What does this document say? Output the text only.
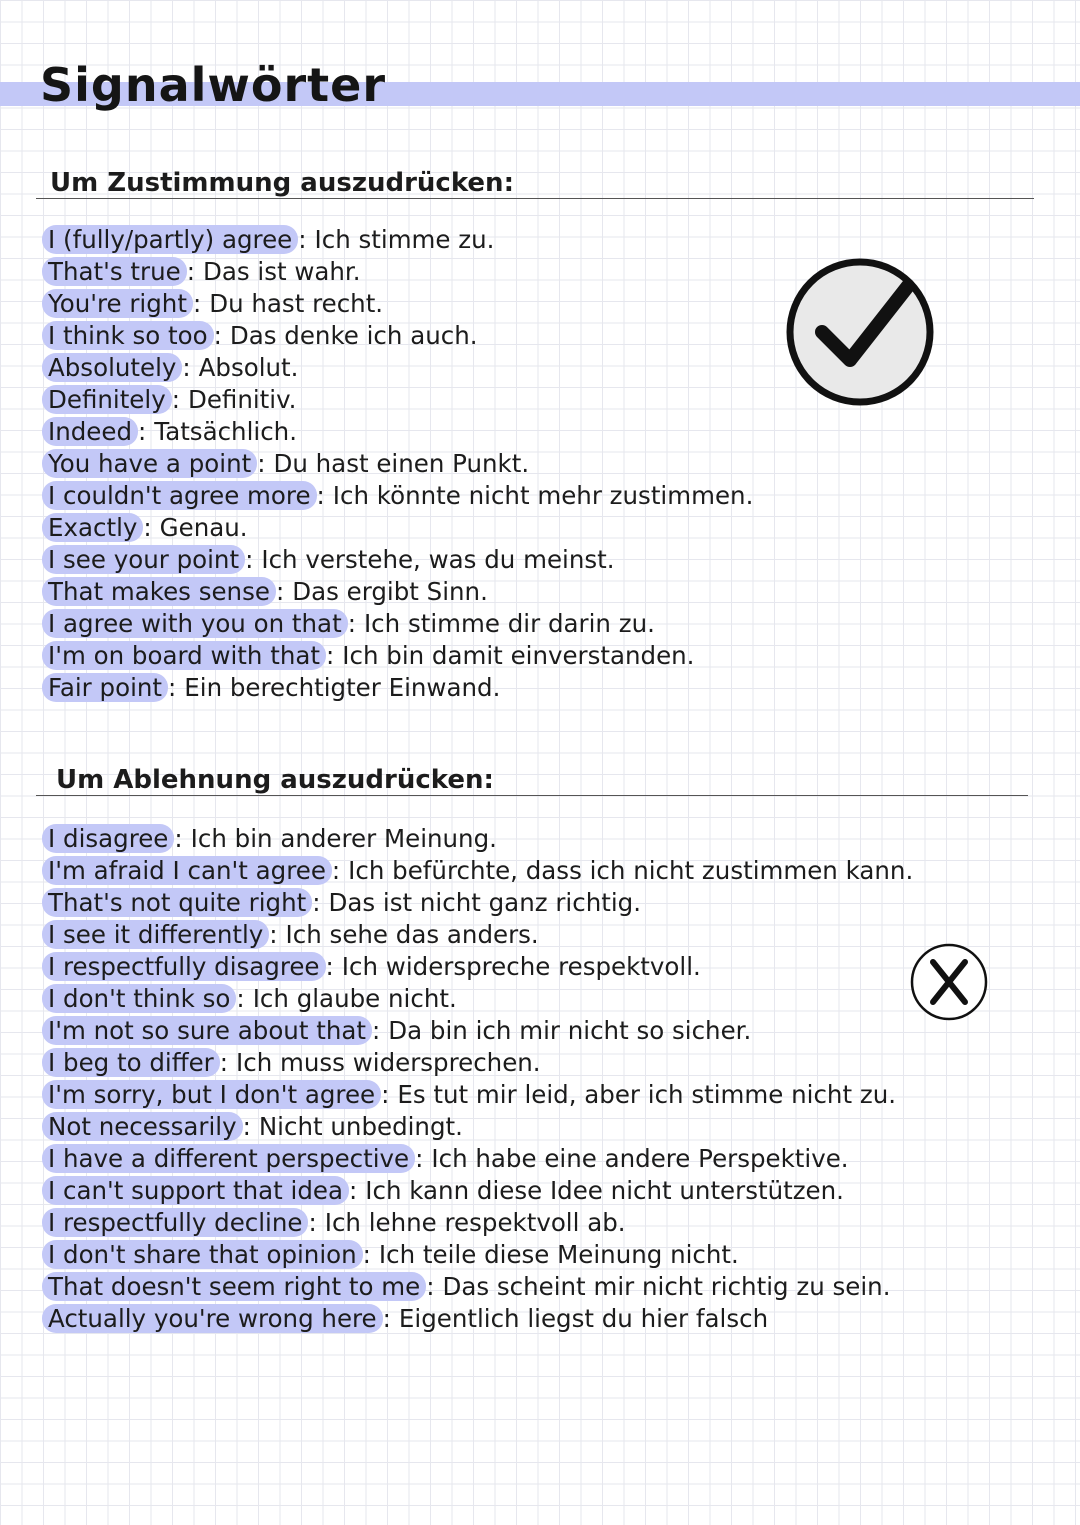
Signalwörter
Um Zustimmung auszudrücken:
I (fully/partly) agree : Ich stimme zu.
That's true : Das ist wahr.
You're right : Du hast recht.
I think so too : Das denke ich auch.
Absolutely : Absolut.
Definitely : Definitiv.
Indeed : Tatsächlich.
You have a point : Du hast einen Punkt.
I couldn't agree more : Ich könnte nicht mehr zustimmen.
Exactly : Genau.
I see your point : Ich verstehe, was du meinst.
That makes sense : Das ergibt Sinn.
I agree with you on that : Ich stimme dir darin zu.
I'm on board with that : Ich bin damit einverstanden.
Fair point : Ein berechtigter Einwand.
Um Ablehnung auszudrücken:
I disagree : Ich bin anderer Meinung.
I'm afraid I can't agree : Ich befürchte, dass ich nicht zustimmen kann.
That's not quite right : Das ist nicht ganz richtig.
I see it differently : Ich sehe das anders.
I respectfully disagree : Ich widerspreche respektvoll.
I don't think so : Ich glaube nicht.
I'm not so sure about that : Da bin ich mir nicht so sicher.
I beg to differ : Ich muss widersprechen.
I'm sorry, but I don't agree : Es tut mir leid, aber ich stimme nicht zu.
Not necessarily : Nicht unbedingt.
I have a different perspective : Ich habe eine andere Perspektive.
I can't support that idea : Ich kann diese Idee nicht unterstützen.
I respectfully decline : Ich lehne respektvoll ab.
I don't share that opinion : Ich teile diese Meinung nicht.
That doesn't seem right to me : Das scheint mir nicht richtig zu sein.
Actually you're wrong here : Eigentlich liegst du hier falsch
